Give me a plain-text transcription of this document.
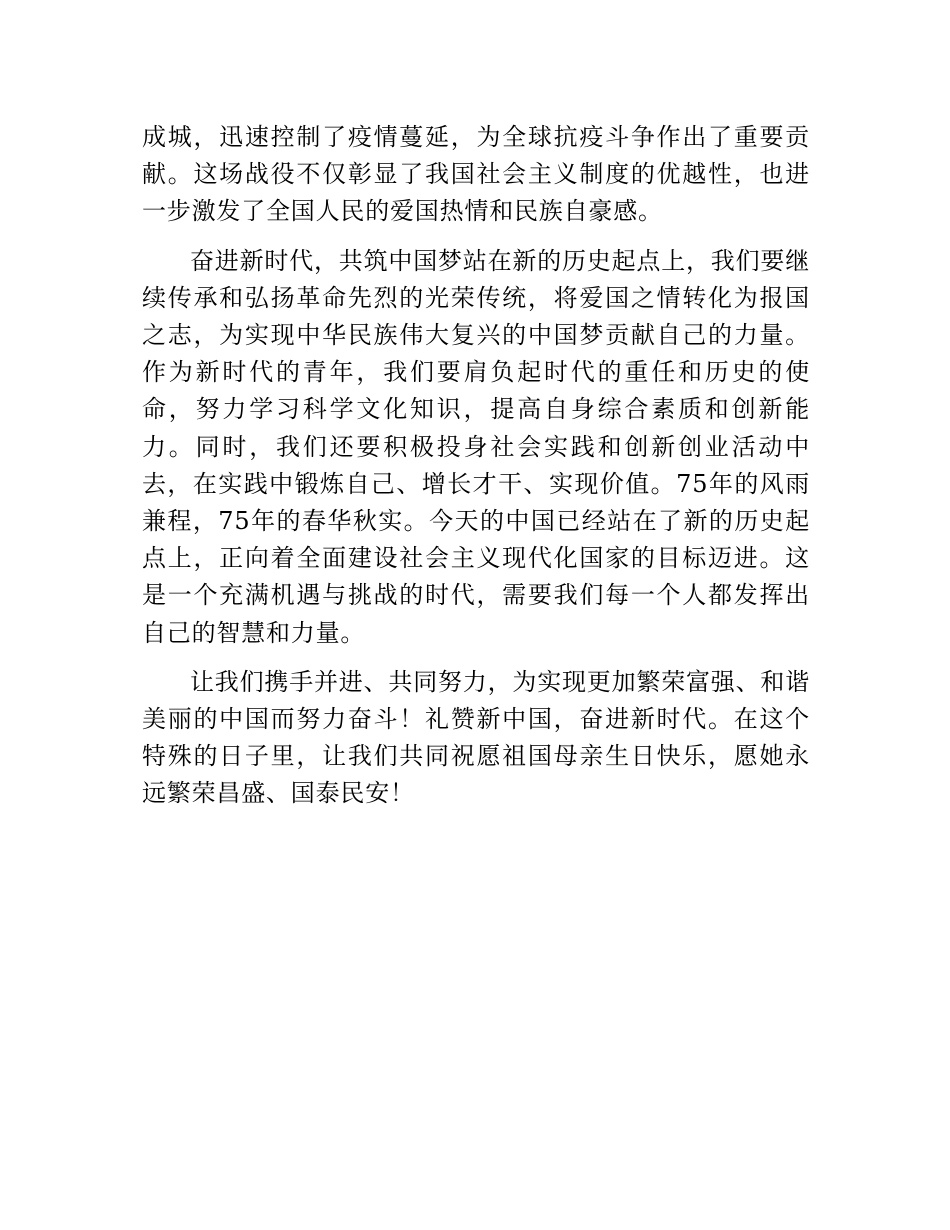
成城，迅速控制了疫情蔓延，为全球抗疫斗争作出了重要贡献。这场战役不仅彰显了我国社会主义制度的优越性，也进一步激发了全国人民的爱国热情和民族自豪感。

奋进新时代，共筑中国梦站在新的历史起点上，我们要继续传承和弘扬革命先烈的光荣传统，将爱国之情转化为报国之志，为实现中华民族伟大复兴的中国梦贡献自己的力量。作为新时代的青年，我们要肩负起时代的重任和历史的使命，努力学习科学文化知识，提高自身综合素质和创新能力。同时，我们还要积极投身社会实践和创新创业活动中去，在实践中锻炼自己、增长才干、实现价值。75年的风雨兼程，75年的春华秋实。今天的中国已经站在了新的历史起点上，正向着全面建设社会主义现代化国家的目标迈进。这是一个充满机遇与挑战的时代，需要我们每一个人都发挥出自己的智慧和力量。

让我们携手并进、共同努力，为实现更加繁荣富强、和谐美丽的中国而努力奋斗！礼赞新中国，奋进新时代。在这个特殊的日子里，让我们共同祝愿祖国母亲生日快乐，愿她永远繁荣昌盛、国泰民安！
